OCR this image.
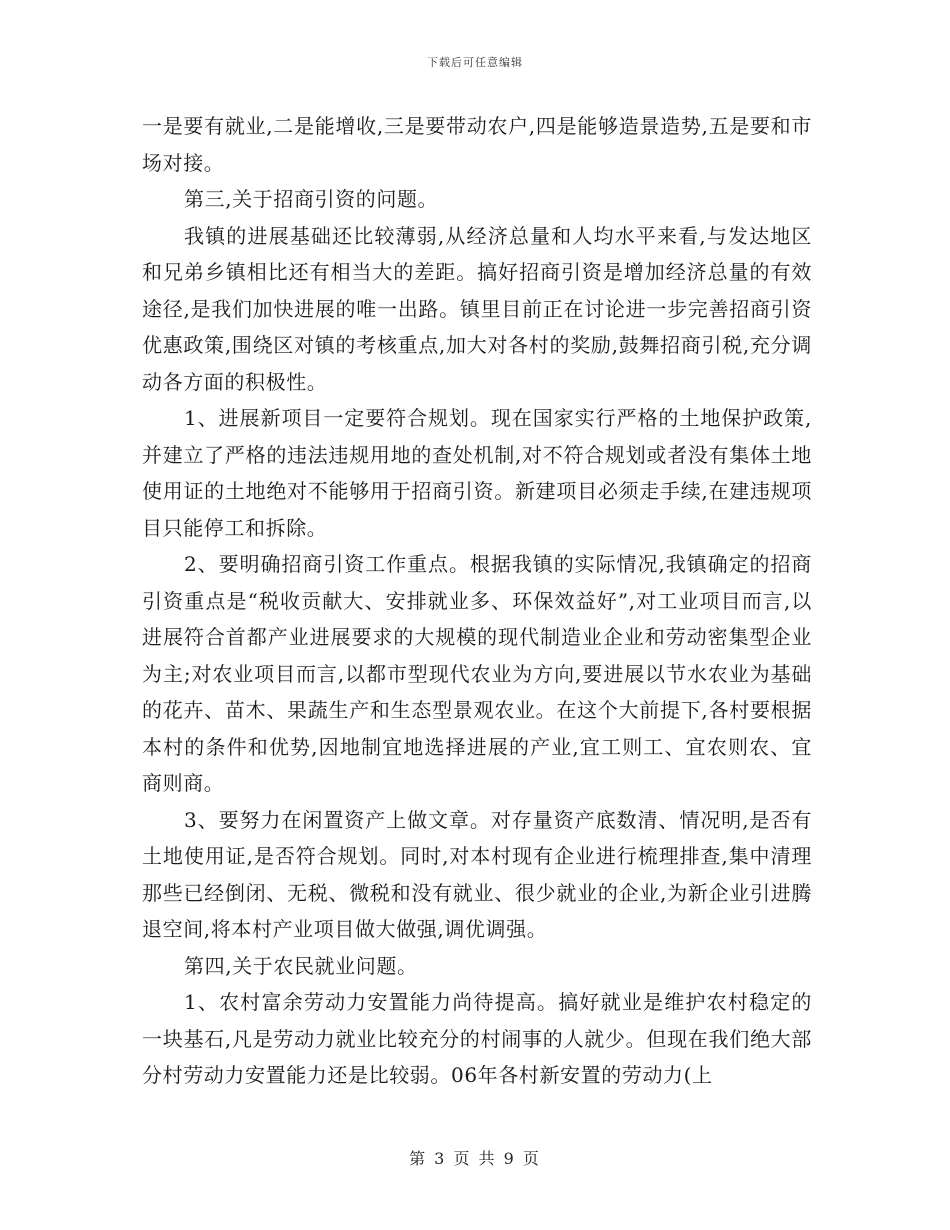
下载后可任意编辑

一是要有就业,二是能增收,三是要带动农户,四是能够造景造势,五是要和市场对接。

第三,关于招商引资的问题。

我镇的进展基础还比较薄弱,从经济总量和人均水平来看,与发达地区和兄弟乡镇相比还有相当大的差距。搞好招商引资是增加经济总量的有效途径,是我们加快进展的唯一出路。镇里目前正在讨论进一步完善招商引资优惠政策,围绕区对镇的考核重点,加大对各村的奖励,鼓舞招商引税,充分调动各方面的积极性。

1、进展新项目一定要符合规划。现在国家实行严格的土地保护政策,并建立了严格的违法违规用地的查处机制,对不符合规划或者没有集体土地使用证的土地绝对不能够用于招商引资。新建项目必须走手续,在建违规项目只能停工和拆除。

2、要明确招商引资工作重点。根据我镇的实际情况,我镇确定的招商引资重点是“税收贡献大、安排就业多、环保效益好”,对工业项目而言,以进展符合首都产业进展要求的大规模的现代制造业企业和劳动密集型企业为主;对农业项目而言,以都市型现代农业为方向,要进展以节水农业为基础的花卉、苗木、果蔬生产和生态型景观农业。在这个大前提下,各村要根据本村的条件和优势,因地制宜地选择进展的产业,宜工则工、宜农则农、宜商则商。

3、要努力在闲置资产上做文章。对存量资产底数清、情况明,是否有土地使用证,是否符合规划。同时,对本村现有企业进行梳理排查,集中清理那些已经倒闭、无税、微税和没有就业、很少就业的企业,为新企业引进腾退空间,将本村产业项目做大做强,调优调强。

第四,关于农民就业问题。

1、农村富余劳动力安置能力尚待提高。搞好就业是维护农村稳定的一块基石,凡是劳动力就业比较充分的村闹事的人就少。但现在我们绝大部分村劳动力安置能力还是比较弱。06年各村新安置的劳动力(上

第 3 页 共 9 页
